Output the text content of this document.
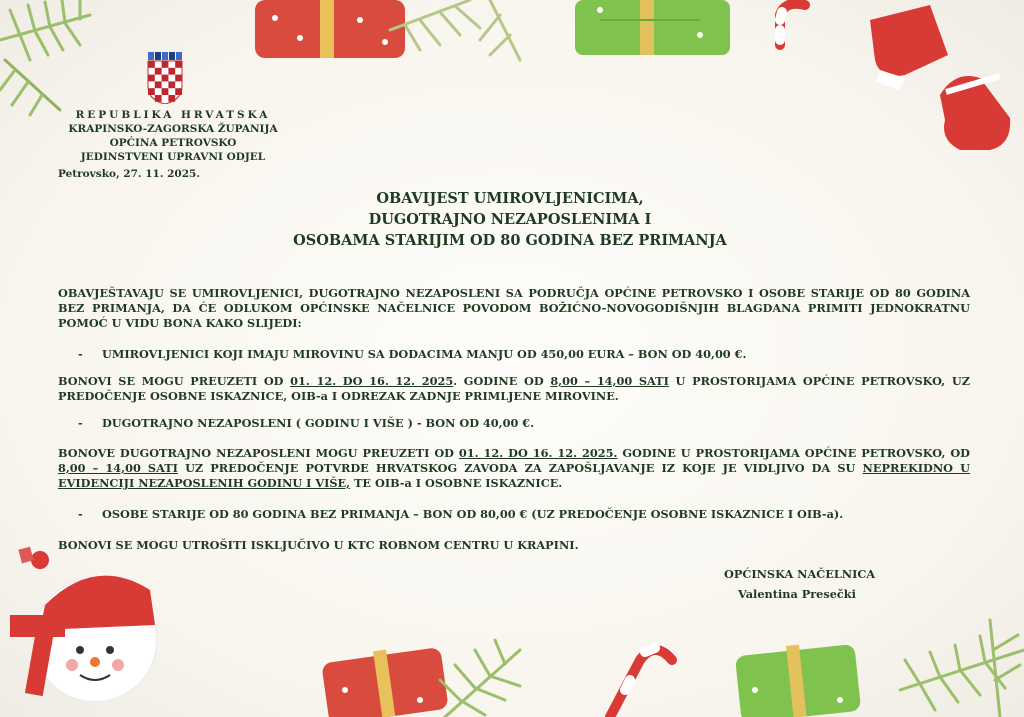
REPUBLIKA HRVATSKA
KRAPINSKO-ZAGORSKA ŽUPANIJA
OPĆINA PETROVSKO
JEDINSTVENI UPRAVNI ODJEL
Petrovsko, 27. 11. 2025.
OBAVIJEST UMIROVLJENICIMA,
DUGOTRAJNO NEZAPOSLENIMA I
OSOBAMA STARIJIM OD 80 GODINA BEZ PRIMANJA
OBAVJEŠTAVAJU SE UMIROVLJENICI, DUGOTRAJNO NEZAPOSLENI SA PODRUČJA OPĆINE PETROVSKO I OSOBE STARIJE OD 80 GODINA BEZ PRIMANJA, DA ĆE ODLUKOM OPĆINSKE NAČELNICE POVODOM BOŽIĆNO-NOVOGODIŠNJIH BLAGDANA PRIMITI JEDNOKRATNU POMOĆ U VIDU BONA KAKO SLIJEDI:
- UMIROVLJENICI KOJI IMAJU MIROVINU SA DODACIMA MANJU OD 450,00 EURA – BON OD 40,00 €.
BONOVI SE MOGU PREUZETI OD 01. 12. DO 16. 12. 2025. GODINE OD 8,00 – 14,00 SATI U PROSTORIJAMA OPĆINE PETROVSKO, UZ PREDOČENJE OSOBNE ISKAZNICE, OIB-a I ODREZAK ZADNJE PRIMLJENE MIROVINE.
- DUGOTRAJNO NEZAPOSLENI ( GODINU I VIŠE ) - BON OD 40,00 €.
BONOVE DUGOTRAJNO NEZAPOSLENI MOGU PREUZETI OD 01. 12. DO 16. 12. 2025. GODINE U PROSTORIJAMA OPĆINE PETROVSKO, OD 8,00 – 14,00 SATI UZ PREDOČENJE POTVRDE HRVATSKOG ZAVODA ZA ZAPOŠLJAVANJE IZ KOJE JE VIDLJIVO DA SU NEPREKIDNO U EVIDENCIJI NEZAPOSLENIH GODINU I VIŠE, TE OIB-a I OSOBNE ISKAZNICE.
- OSOBE STARIJE OD 80 GODINA BEZ PRIMANJA – BON OD 80,00 € (UZ PREDOČENJE OSOBNE ISKAZNICE I OIB-a).
BONOVI SE MOGU UTROŠITI ISKLJUČIVO U KTC ROBNOM CENTRU U KRAPINI.
OPĆINSKA NAČELNICA
Valentina Presečki
